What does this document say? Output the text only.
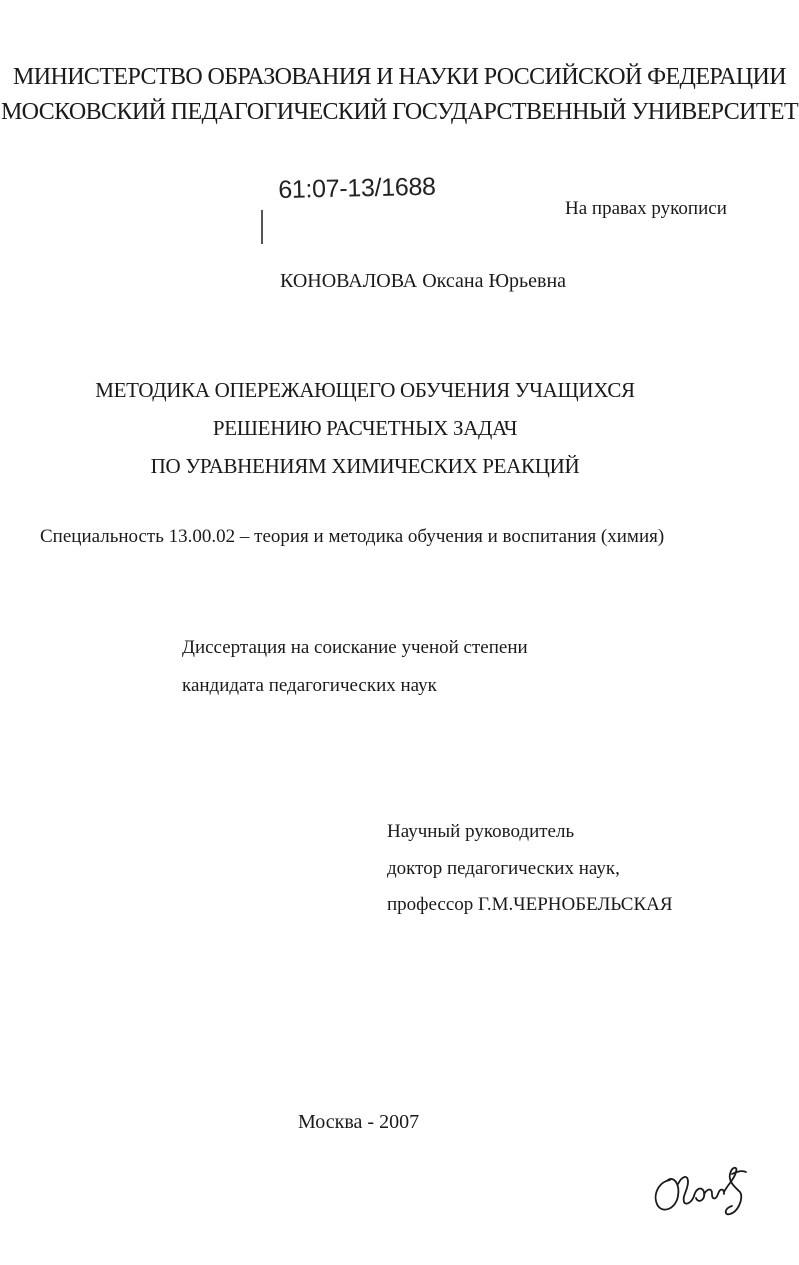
МИНИСТЕРСТВО ОБРАЗОВАНИЯ И НАУКИ РОССИЙСКОЙ ФЕДЕРАЦИИ
МОСКОВСКИЙ ПЕДАГОГИЧЕСКИЙ ГОСУДАРСТВЕННЫЙ УНИВЕРСИТЕТ
61:07-13/1688
На правах рукописи
КОНОВАЛОВА Оксана Юрьевна
МЕТОДИКА ОПЕРЕЖАЮЩЕГО ОБУЧЕНИЯ УЧАЩИХСЯ
РЕШЕНИЮ РАСЧЕТНЫХ ЗАДАЧ
ПО УРАВНЕНИЯМ ХИМИЧЕСКИХ РЕАКЦИЙ
Специальность 13.00.02 – теория и методика обучения и воспитания (химия)
Диссертация на соискание ученой степени
кандидата педагогических наук
Научный руководитель
доктор педагогических наук,
профессор Г.М.ЧЕРНОБЕЛЬСКАЯ
Москва - 2007
